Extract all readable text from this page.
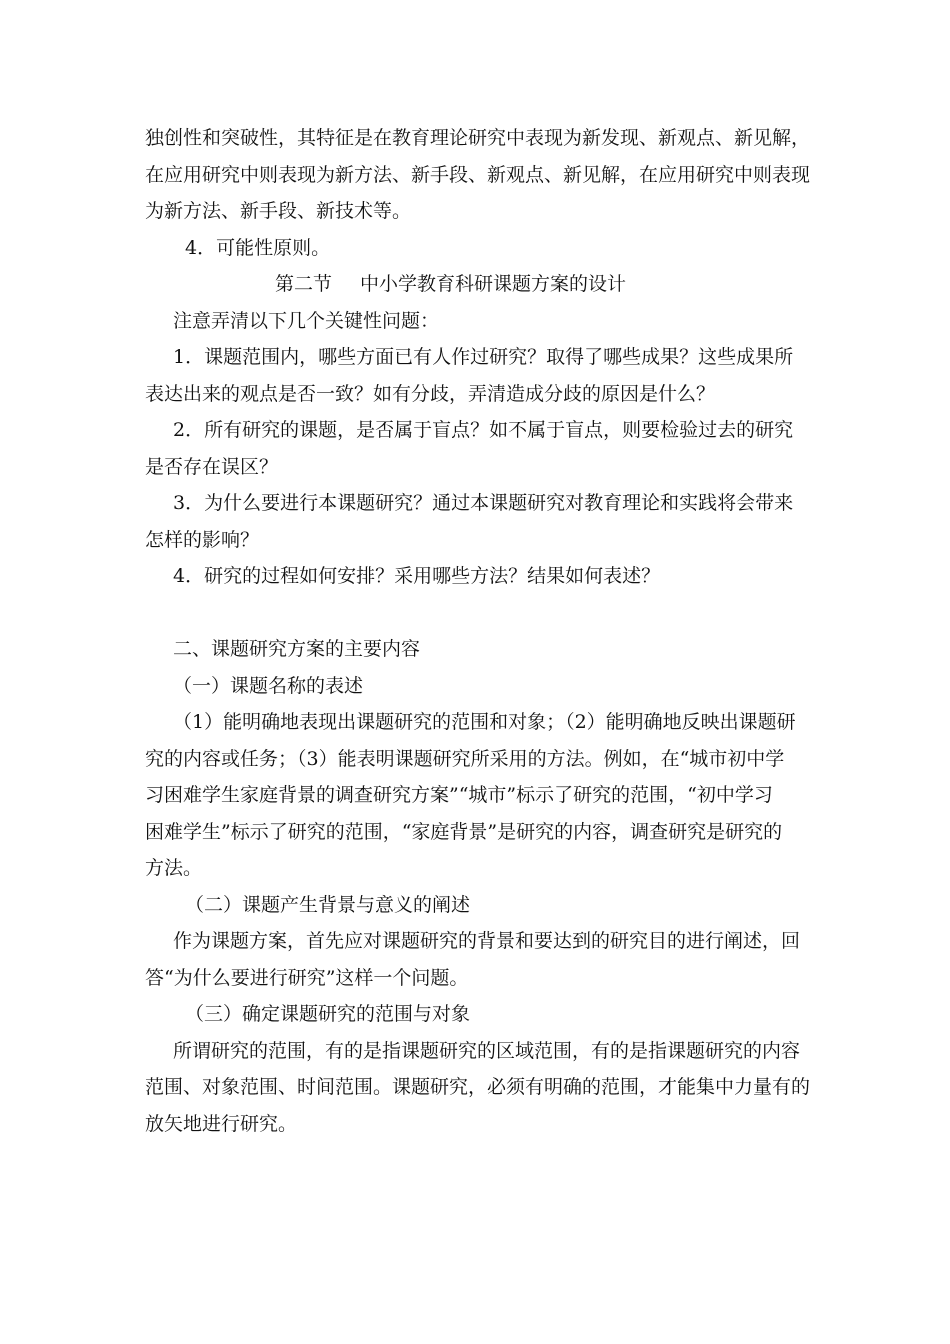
独创性和突破性，其特征是在教育理论研究中表现为新发现、新观点、新见解，
在应用研究中则表现为新方法、新手段、新观点、新见解，在应用研究中则表现
为新方法、新手段、新技术等。
4．可能性原则。
第二节 中小学教育科研课题方案的设计
注意弄清以下几个关键性问题：
1．课题范围内，哪些方面已有人作过研究？取得了哪些成果？这些成果所
表达出来的观点是否一致？如有分歧，弄清造成分歧的原因是什么？
2．所有研究的课题，是否属于盲点？如不属于盲点，则要检验过去的研究
是否存在误区？
3．为什么要进行本课题研究？通过本课题研究对教育理论和实践将会带来
怎样的影响？
4．研究的过程如何安排？采用哪些方法？结果如何表述？
二、课题研究方案的主要内容
（一）课题名称的表述
（1）能明确地表现出课题研究的范围和对象；（2）能明确地反映出课题研
究的内容或任务；（3）能表明课题研究所采用的方法。例如，在“城市初中学
习困难学生家庭背景的调查研究方案”“城市”标示了研究的范围，“初中学习
困难学生”标示了研究的范围，“家庭背景”是研究的内容，调查研究是研究的
方法。
（二）课题产生背景与意义的阐述
作为课题方案，首先应对课题研究的背景和要达到的研究目的进行阐述，回
答“为什么要进行研究”这样一个问题。
（三）确定课题研究的范围与对象
所谓研究的范围，有的是指课题研究的区域范围，有的是指课题研究的内容
范围、对象范围、时间范围。课题研究，必须有明确的范围，才能集中力量有的
放矢地进行研究。
